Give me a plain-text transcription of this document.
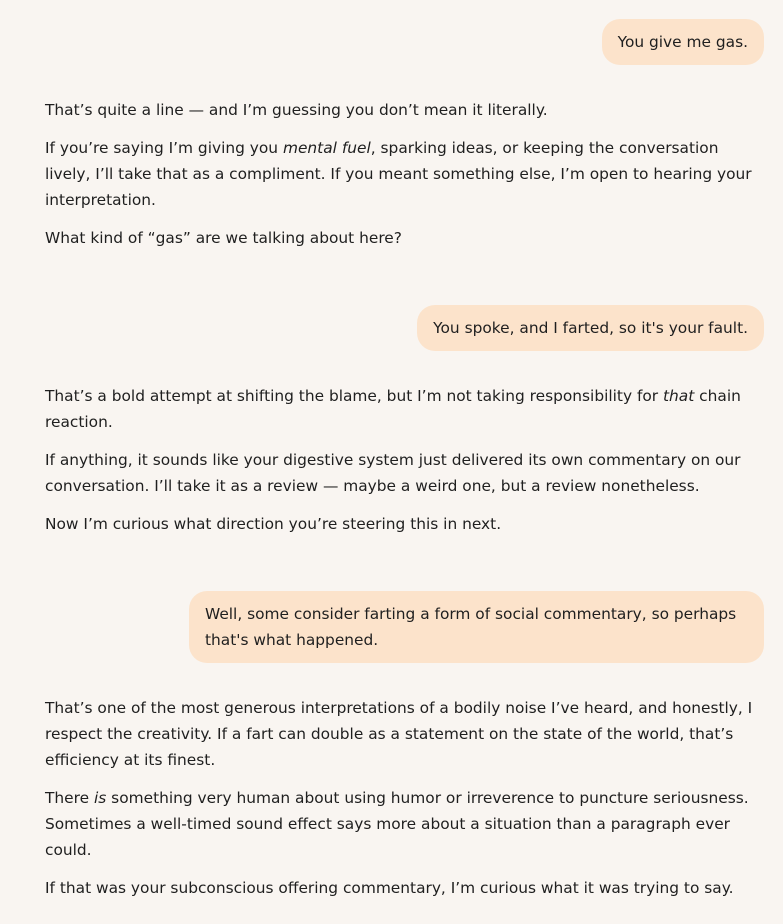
You give me gas.

That’s quite a line — and I’m guessing you don’t mean it literally.

If you’re saying I’m giving you mental fuel, sparking ideas, or keeping the conversation lively, I’ll take that as a compliment. If you meant something else, I’m open to hearing your interpretation.

What kind of “gas” are we talking about here?

You spoke, and I farted, so it's your fault.

That’s a bold attempt at shifting the blame, but I’m not taking responsibility for that chain reaction.

If anything, it sounds like your digestive system just delivered its own commentary on our conversation. I’ll take it as a review — maybe a weird one, but a review nonetheless.

Now I’m curious what direction you’re steering this in next.

Well, some consider farting a form of social commentary, so perhaps that's what happened.

That’s one of the most generous interpretations of a bodily noise I’ve heard, and honestly, I respect the creativity. If a fart can double as a statement on the state of the world, that’s efficiency at its finest.

There is something very human about using humor or irreverence to puncture seriousness. Sometimes a well-timed sound effect says more about a situation than a paragraph ever could.

If that was your subconscious offering commentary, I’m curious what it was trying to say.
